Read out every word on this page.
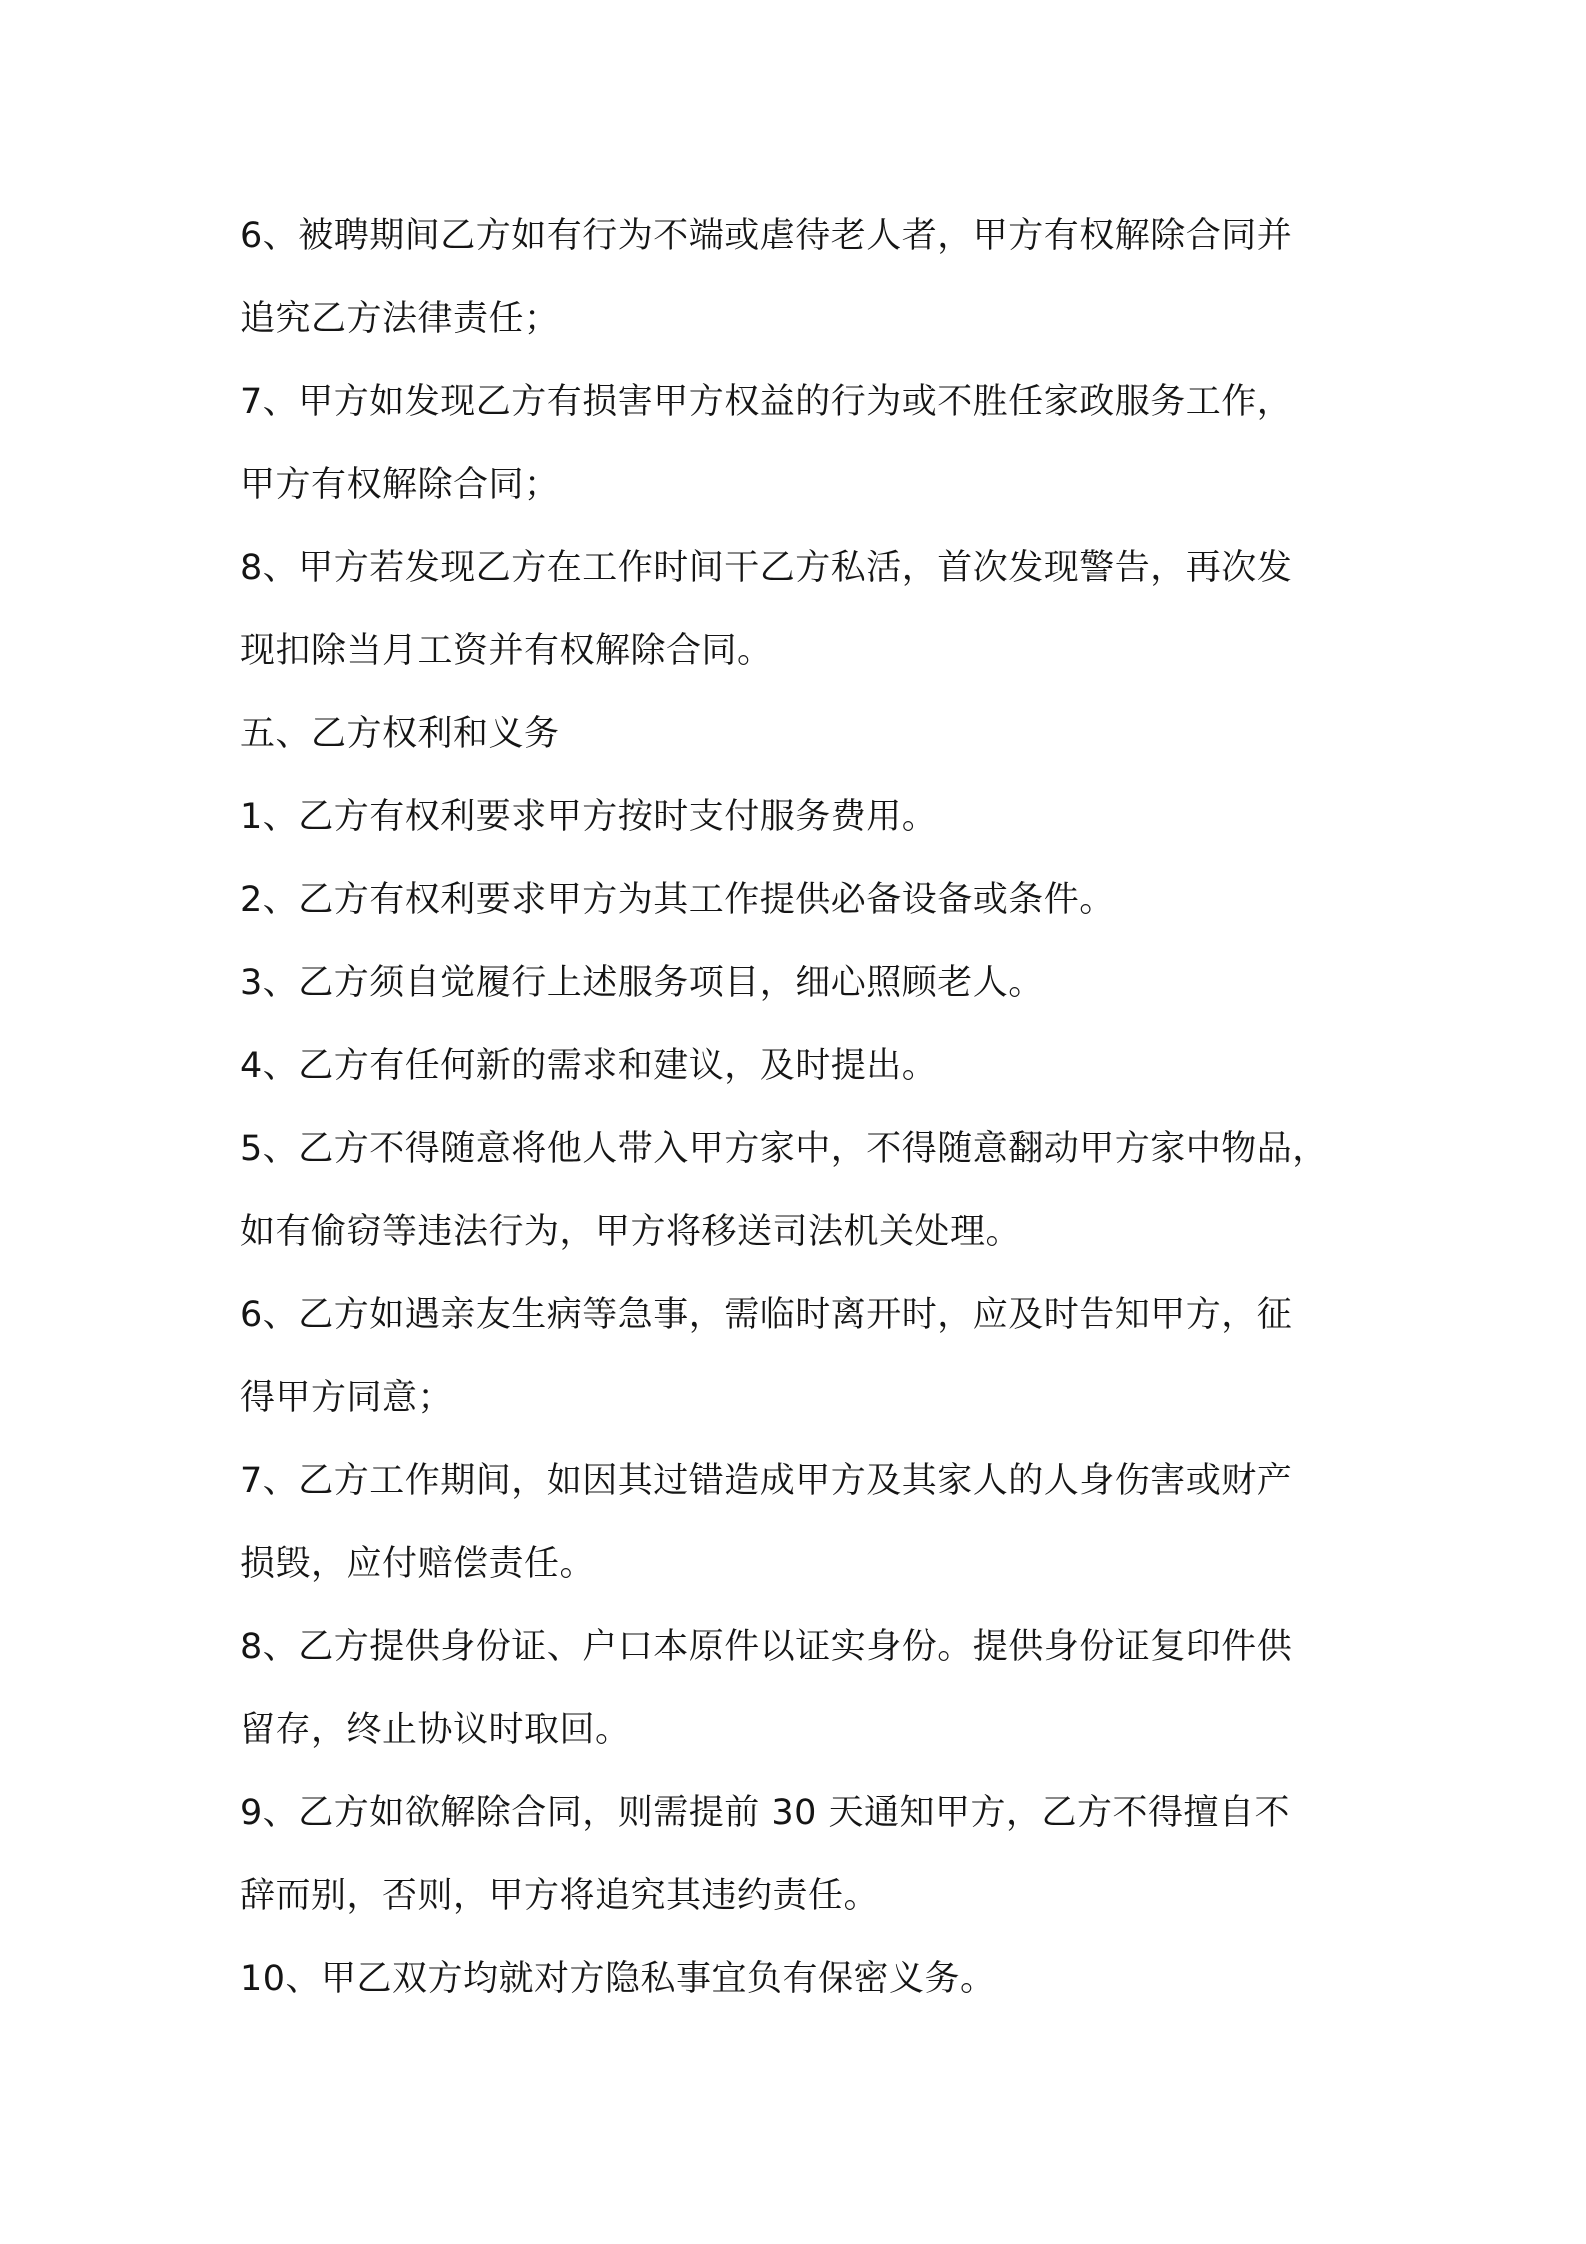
6、被聘期间乙方如有行为不端或虐待老人者，甲方有权解除合同并
追究乙方法律责任；
7、甲方如发现乙方有损害甲方权益的行为或不胜任家政服务工作，
甲方有权解除合同；
8、甲方若发现乙方在工作时间干乙方私活，首次发现警告，再次发
现扣除当月工资并有权解除合同。
五、乙方权利和义务
1、乙方有权利要求甲方按时支付服务费用。
2、乙方有权利要求甲方为其工作提供必备设备或条件。
3、乙方须自觉履行上述服务项目，细心照顾老人。
4、乙方有任何新的需求和建议，及时提出。
5、乙方不得随意将他人带入甲方家中，不得随意翻动甲方家中物品，
如有偷窃等违法行为，甲方将移送司法机关处理。
6、乙方如遇亲友生病等急事，需临时离开时，应及时告知甲方，征
得甲方同意；
7、乙方工作期间，如因其过错造成甲方及其家人的人身伤害或财产
损毁，应付赔偿责任。
8、乙方提供身份证、户口本原件以证实身份。提供身份证复印件供
留存，终止协议时取回。
9、乙方如欲解除合同，则需提前 30 天通知甲方，乙方不得擅自不
辞而别，否则，甲方将追究其违约责任。
10、甲乙双方均就对方隐私事宜负有保密义务。
